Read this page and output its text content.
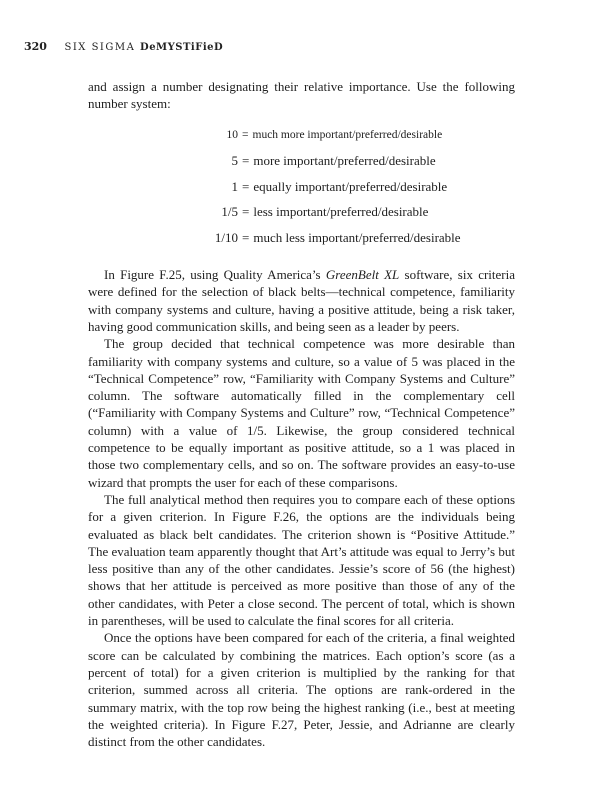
320 SIX SIGMA DeMYSTiFieD

and assign a number designating their relative importance. Use the following number system:

10 = much more important/preferred/desirable
5 = more important/preferred/desirable
1 = equally important/preferred/desirable
1/5 = less important/preferred/desirable
1/10 = much less important/preferred/desirable

In Figure F.25, using Quality America’s GreenBelt XL software, six criteria were defined for the selection of black belts—technical competence, familiarity with company systems and culture, having a positive attitude, being a risk taker, having good communication skills, and being seen as a leader by peers.

The group decided that technical competence was more desirable than familiarity with company systems and culture, so a value of 5 was placed in the “Technical Competence” row, “Familiarity with Company Systems and Culture” column. The software automatically filled in the complementary cell (“Familiarity with Company Systems and Culture” row, “Technical Competence” column) with a value of 1/5. Likewise, the group considered technical competence to be equally important as positive attitude, so a 1 was placed in those two complementary cells, and so on. The software provides an easy-to-use wizard that prompts the user for each of these comparisons.

The full analytical method then requires you to compare each of these options for a given criterion. In Figure F.26, the options are the individuals being evaluated as black belt candidates. The criterion shown is “Positive Attitude.” The evaluation team apparently thought that Art’s attitude was equal to Jerry’s but less positive than any of the other candidates. Jessie’s score of 56 (the highest) shows that her attitude is perceived as more positive than those of any of the other candidates, with Peter a close second. The percent of total, which is shown in parentheses, will be used to calculate the final scores for all criteria.

Once the options have been compared for each of the criteria, a final weighted score can be calculated by combining the matrices. Each option’s score (as a percent of total) for a given criterion is multiplied by the ranking for that criterion, summed across all criteria. The options are rank-ordered in the summary matrix, with the top row being the highest ranking (i.e., best at meeting the weighted criteria). In Figure F.27, Peter, Jessie, and Adrianne are clearly distinct from the other candidates.
